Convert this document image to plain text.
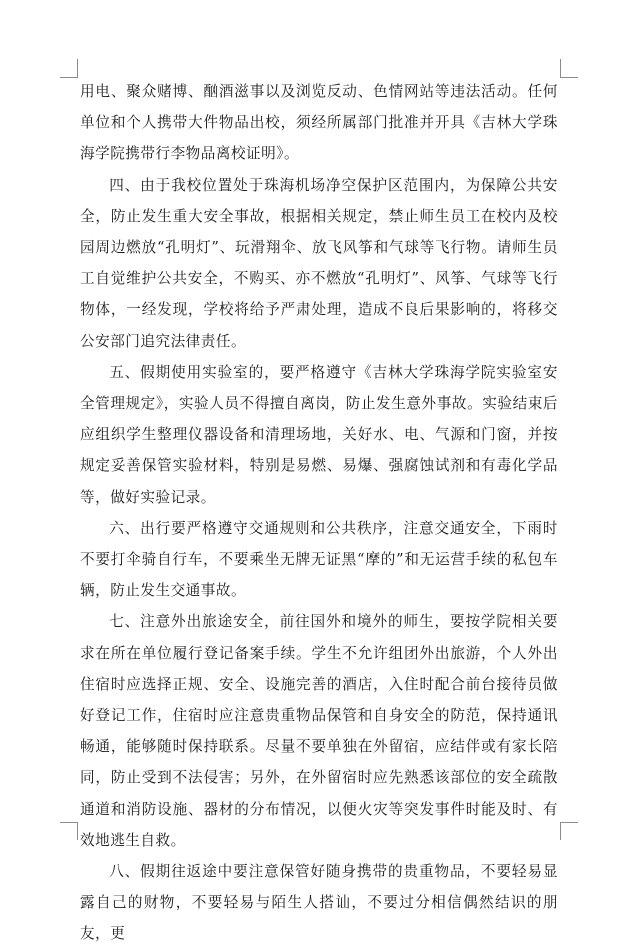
用电、聚众赌博、酗酒滋事以及浏览反动、色情网站等违法活动。任何单位和个人携带大件物品出校，须经所属部门批准并开具《吉林大学珠海学院携带行李物品离校证明》。

四、由于我校位置处于珠海机场净空保护区范围内，为保障公共安全，防止发生重大安全事故，根据相关规定，禁止师生员工在校内及校园周边燃放“孔明灯”、玩滑翔伞、放飞风筝和气球等飞行物。请师生员工自觉维护公共安全，不购买、亦不燃放“孔明灯”、风筝、气球等飞行物体，一经发现，学校将给予严肃处理，造成不良后果影响的，将移交公安部门追究法律责任。

五、假期使用实验室的，要严格遵守《吉林大学珠海学院实验室安全管理规定》，实验人员不得擅自离岗，防止发生意外事故。实验结束后应组织学生整理仪器设备和清理场地，关好水、电、气源和门窗，并按规定妥善保管实验材料，特别是易燃、易爆、强腐蚀试剂和有毒化学品等，做好实验记录。

六、出行要严格遵守交通规则和公共秩序，注意交通安全，下雨时不要打伞骑自行车，不要乘坐无牌无证黑“摩的”和无运营手续的私包车辆，防止发生交通事故。

七、注意外出旅途安全，前往国外和境外的师生，要按学院相关要求在所在单位履行登记备案手续。学生不允许组团外出旅游，个人外出住宿时应选择正规、安全、设施完善的酒店，入住时配合前台接待员做好登记工作，住宿时应注意贵重物品保管和自身安全的防范，保持通讯畅通，能够随时保持联系。尽量不要单独在外留宿，应结伴或有家长陪同，防止受到不法侵害；另外，在外留宿时应先熟悉该部位的安全疏散通道和消防设施、器材的分布情况，以便火灾等突发事件时能及时、有效地逃生自救。

八、假期往返途中要注意保管好随身携带的贵重物品，不要轻易显露自己的财物，不要轻易与陌生人搭讪，不要过分相信偶然结识的朋友，更
